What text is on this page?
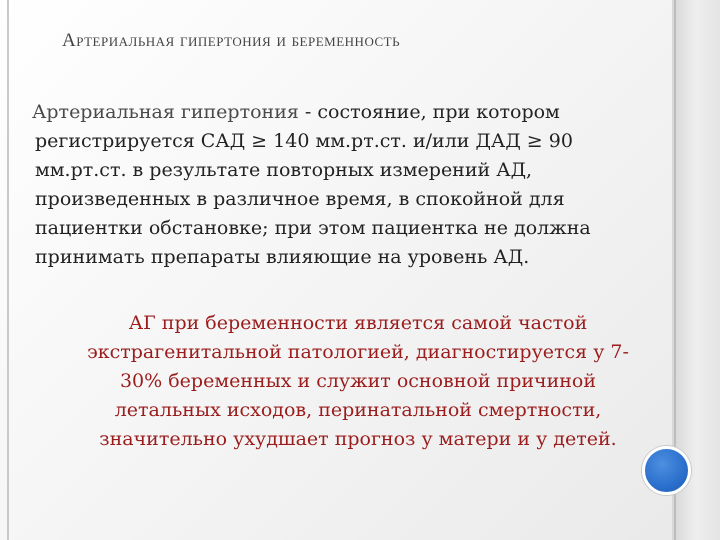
Артериальная гипертония и беременность
Артериальная гипертония - состояние, при котором
регистрируется САД ≥ 140 мм.рт.ст. и/или ДАД ≥ 90
мм.рт.ст. в результате повторных измерений АД,
произведенных в различное время, в спокойной для
пациентки обстановке; при этом пациентка не должна
принимать препараты влияющие на уровень АД.
АГ при беременности является самой частой
экстрагенитальной патологией, диагностируется у 7-
30% беременных и служит основной причиной
летальных исходов, перинатальной смертности,
значительно ухудшает прогноз у матери и у детей.
